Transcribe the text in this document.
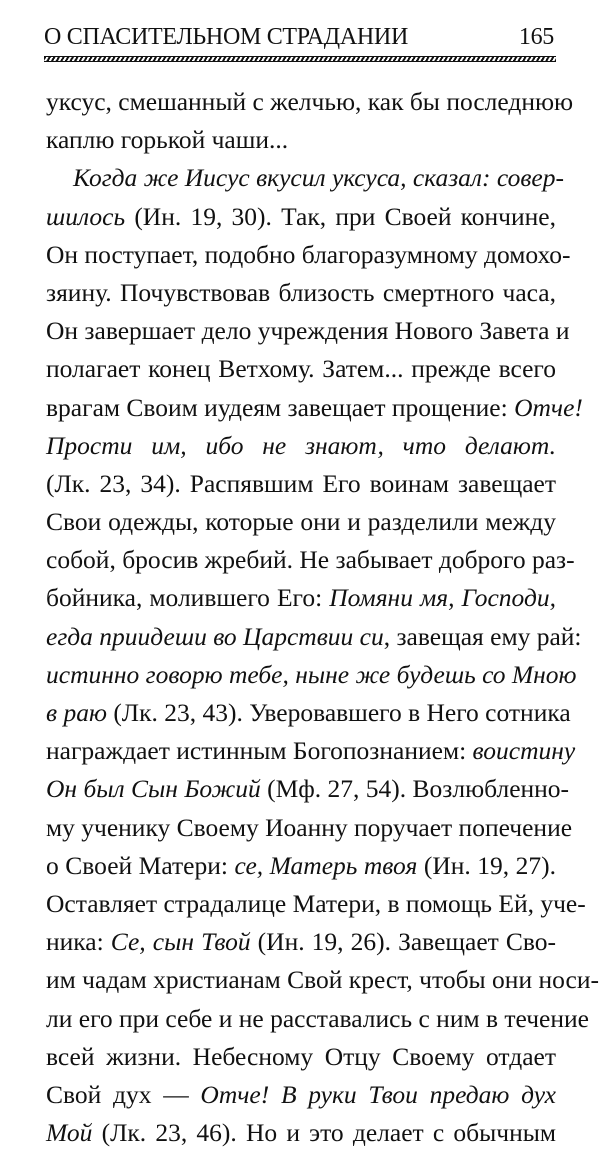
О СПАСИТЕЛЬНОМ СТРАДАНИИ	165
уксус, смешанный с желчью, как бы последнюю
каплю горькой чаши...
Когда же Иисус вкусил уксуса, сказал: совер-
шилось (Ин. 19, 30). Так, при Своей кончине,
Он поступает, подобно благоразумному домохо-
зяину. Почувствовав близость смертного часа,
Он завершает дело учреждения Нового Завета и
полагает конец Ветхому. Затем... прежде всего
врагам Своим иудеям завещает прощение: Отче!
Прости им, ибо не знают, что делают.
(Лк. 23, 34). Распявшим Его воинам завещает
Свои одежды, которые они и разделили между
собой, бросив жребий. Не забывает доброго раз-
бойника, молившего Его: Помяни мя, Господи,
егда приидеши во Царствии си, завещая ему рай:
истинно говорю тебе, ныне же будешь со Мною
в раю (Лк. 23, 43). Уверовавшего в Него сотника
награждает истинным Богопознанием: воистину
Он был Сын Божий (Мф. 27, 54). Возлюбленно-
му ученику Своему Иоанну поручает попечение
о Своей Матери: се, Матерь твоя (Ин. 19, 27).
Оставляет страдалице Матери, в помощь Ей, уче-
ника: Се, сын Твой (Ин. 19, 26). Завещает Сво-
им чадам христианам Свой крест, чтобы они носи-
ли его при себе и не расставались с ним в течение
всей жизни. Небесному Отцу Своему отдает
Свой дух — Отче! В руки Твои предаю дух
Мой (Лк. 23, 46). Но и это делает с обычным
